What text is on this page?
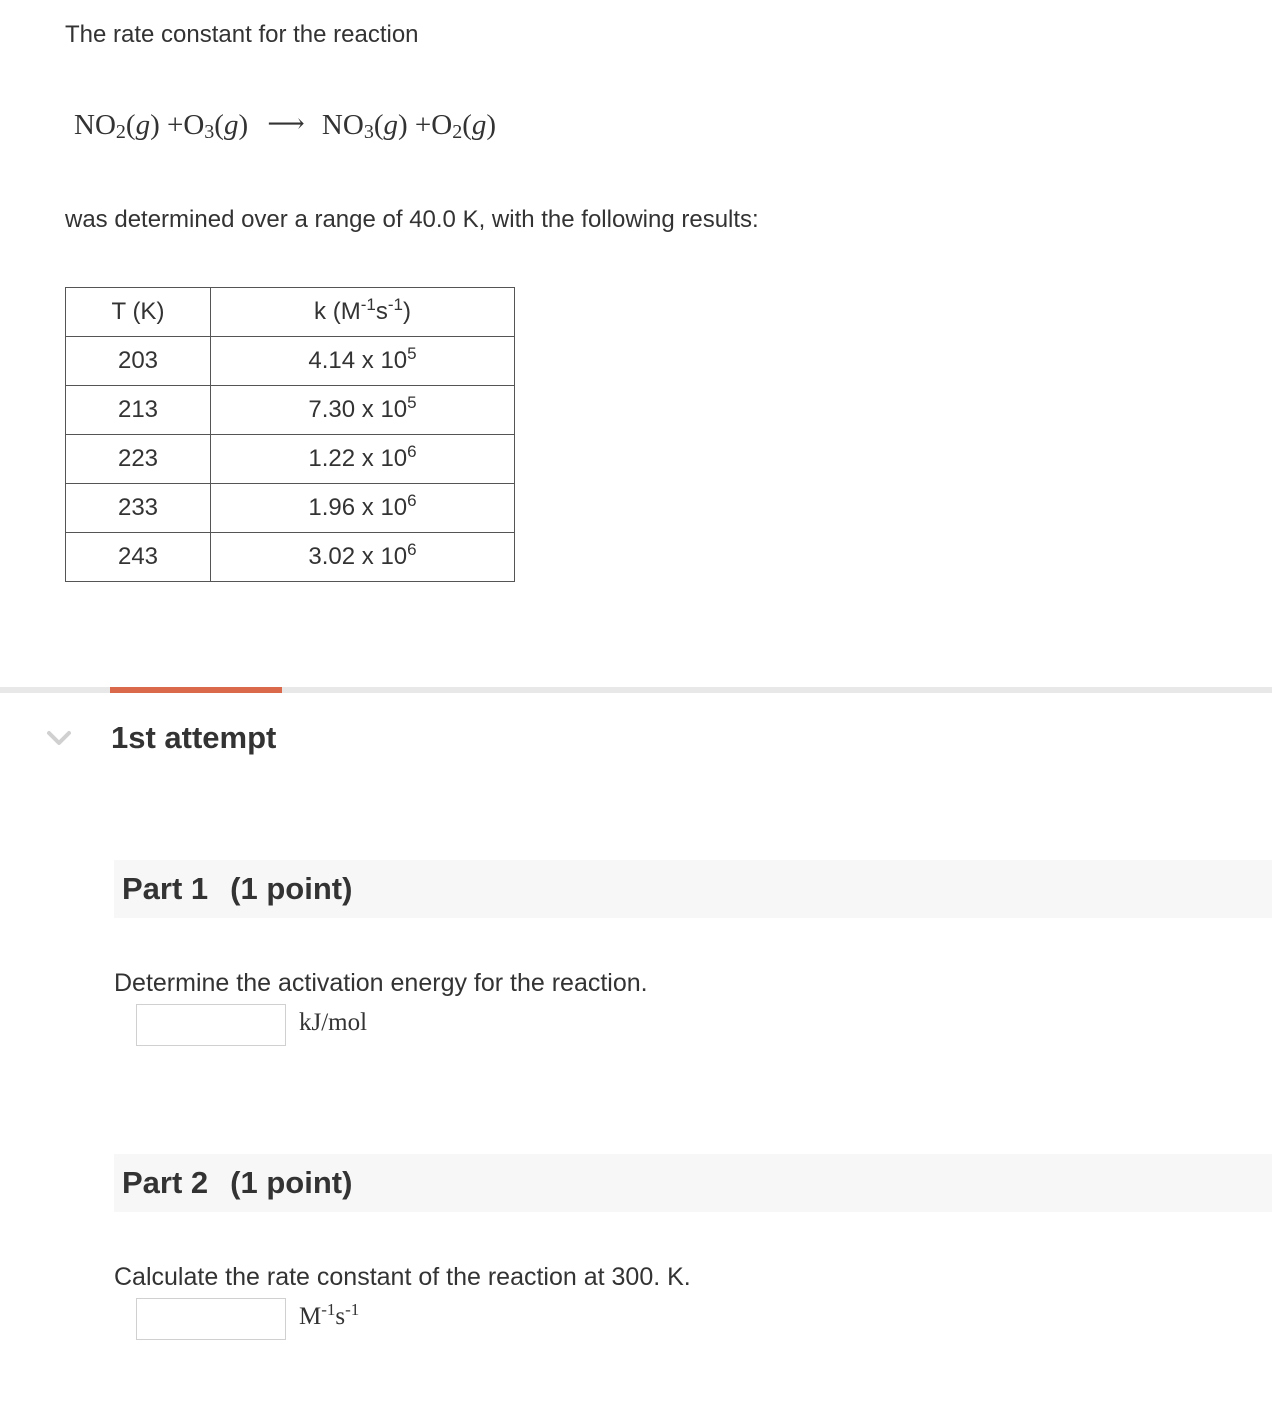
The rate constant for the reaction

$NO_2(g) +O_3(g)$ ⟶ $NO_3(g) +O_2(g)$

was determined over a range of 40.0 K, with the following results:

T (K)	k $(M^{-1}s^{-1})$
203	4.14 x $10^5$
213	7.30 x $10^5$
223	1.22 x $10^6$
233	1.96 x $10^6$
243	3.02 x $10^6$
1st attempt
Part 1 (1 point)
Determine the activation energy for the reaction.
kJ/mol
Part 2 (1 point)
Calculate the rate constant of the reaction at 300. K.
$M^{-1}s^{-1}$
